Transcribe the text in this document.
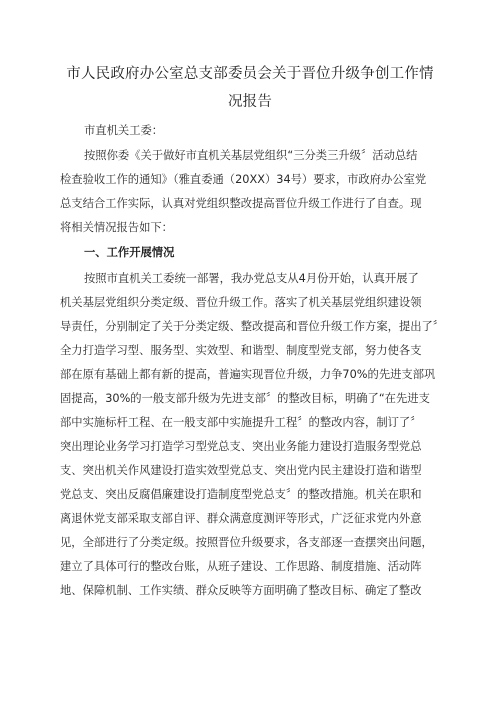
市人民政府办公室总支部委员会关于晋位升级争创工作情
况报告
市直机关工委：
按照你委《关于做好市直机关基层党组织“三分类三升级〞活动总结
检查验收工作的通知》（雅直委通（20XX）34号）要求，市政府办公室党
总支结合工作实际，认真对党组织整改提高晋位升级工作进行了自查。现
将相关情况报告如下：
一、工作开展情况
按照市直机关工委统一部署，我办党总支从4月份开始，认真开展了
机关基层党组织分类定级、晋位升级工作。落实了机关基层党组织建设领
导责任，分别制定了关于分类定级、整改提高和晋位升级工作方案，提出了〞
全力打造学习型、服务型、实效型、和谐型、制度型党支部，努力使各支
部在原有基础上都有新的提高，普遍实现晋位升级，力争70%的先进支部巩
固提高，30%的一般支部升级为先进支部〞的整改目标，明确了“在先进支
部中实施标杆工程、在一般支部中实施提升工程〞的整改内容，制订了〞
突出理论业务学习打造学习型党总支、突出业务能力建设打造服务型党总
支、突出机关作风建设打造实效型党总支、突出党内民主建设打造和谐型
党总支、突出反腐倡廉建设打造制度型党总支〞的整改措施。机关在职和
离退休党支部采取支部自评、群众满意度测评等形式，广泛征求党内外意
见，全部进行了分类定级。按照晋位升级要求，各支部逐一查摆突出问题，
建立了具体可行的整改台账，从班子建设、工作思路、制度措施、活动阵
地、保障机制、工作实绩、群众反映等方面明确了整改目标、确定了整改
